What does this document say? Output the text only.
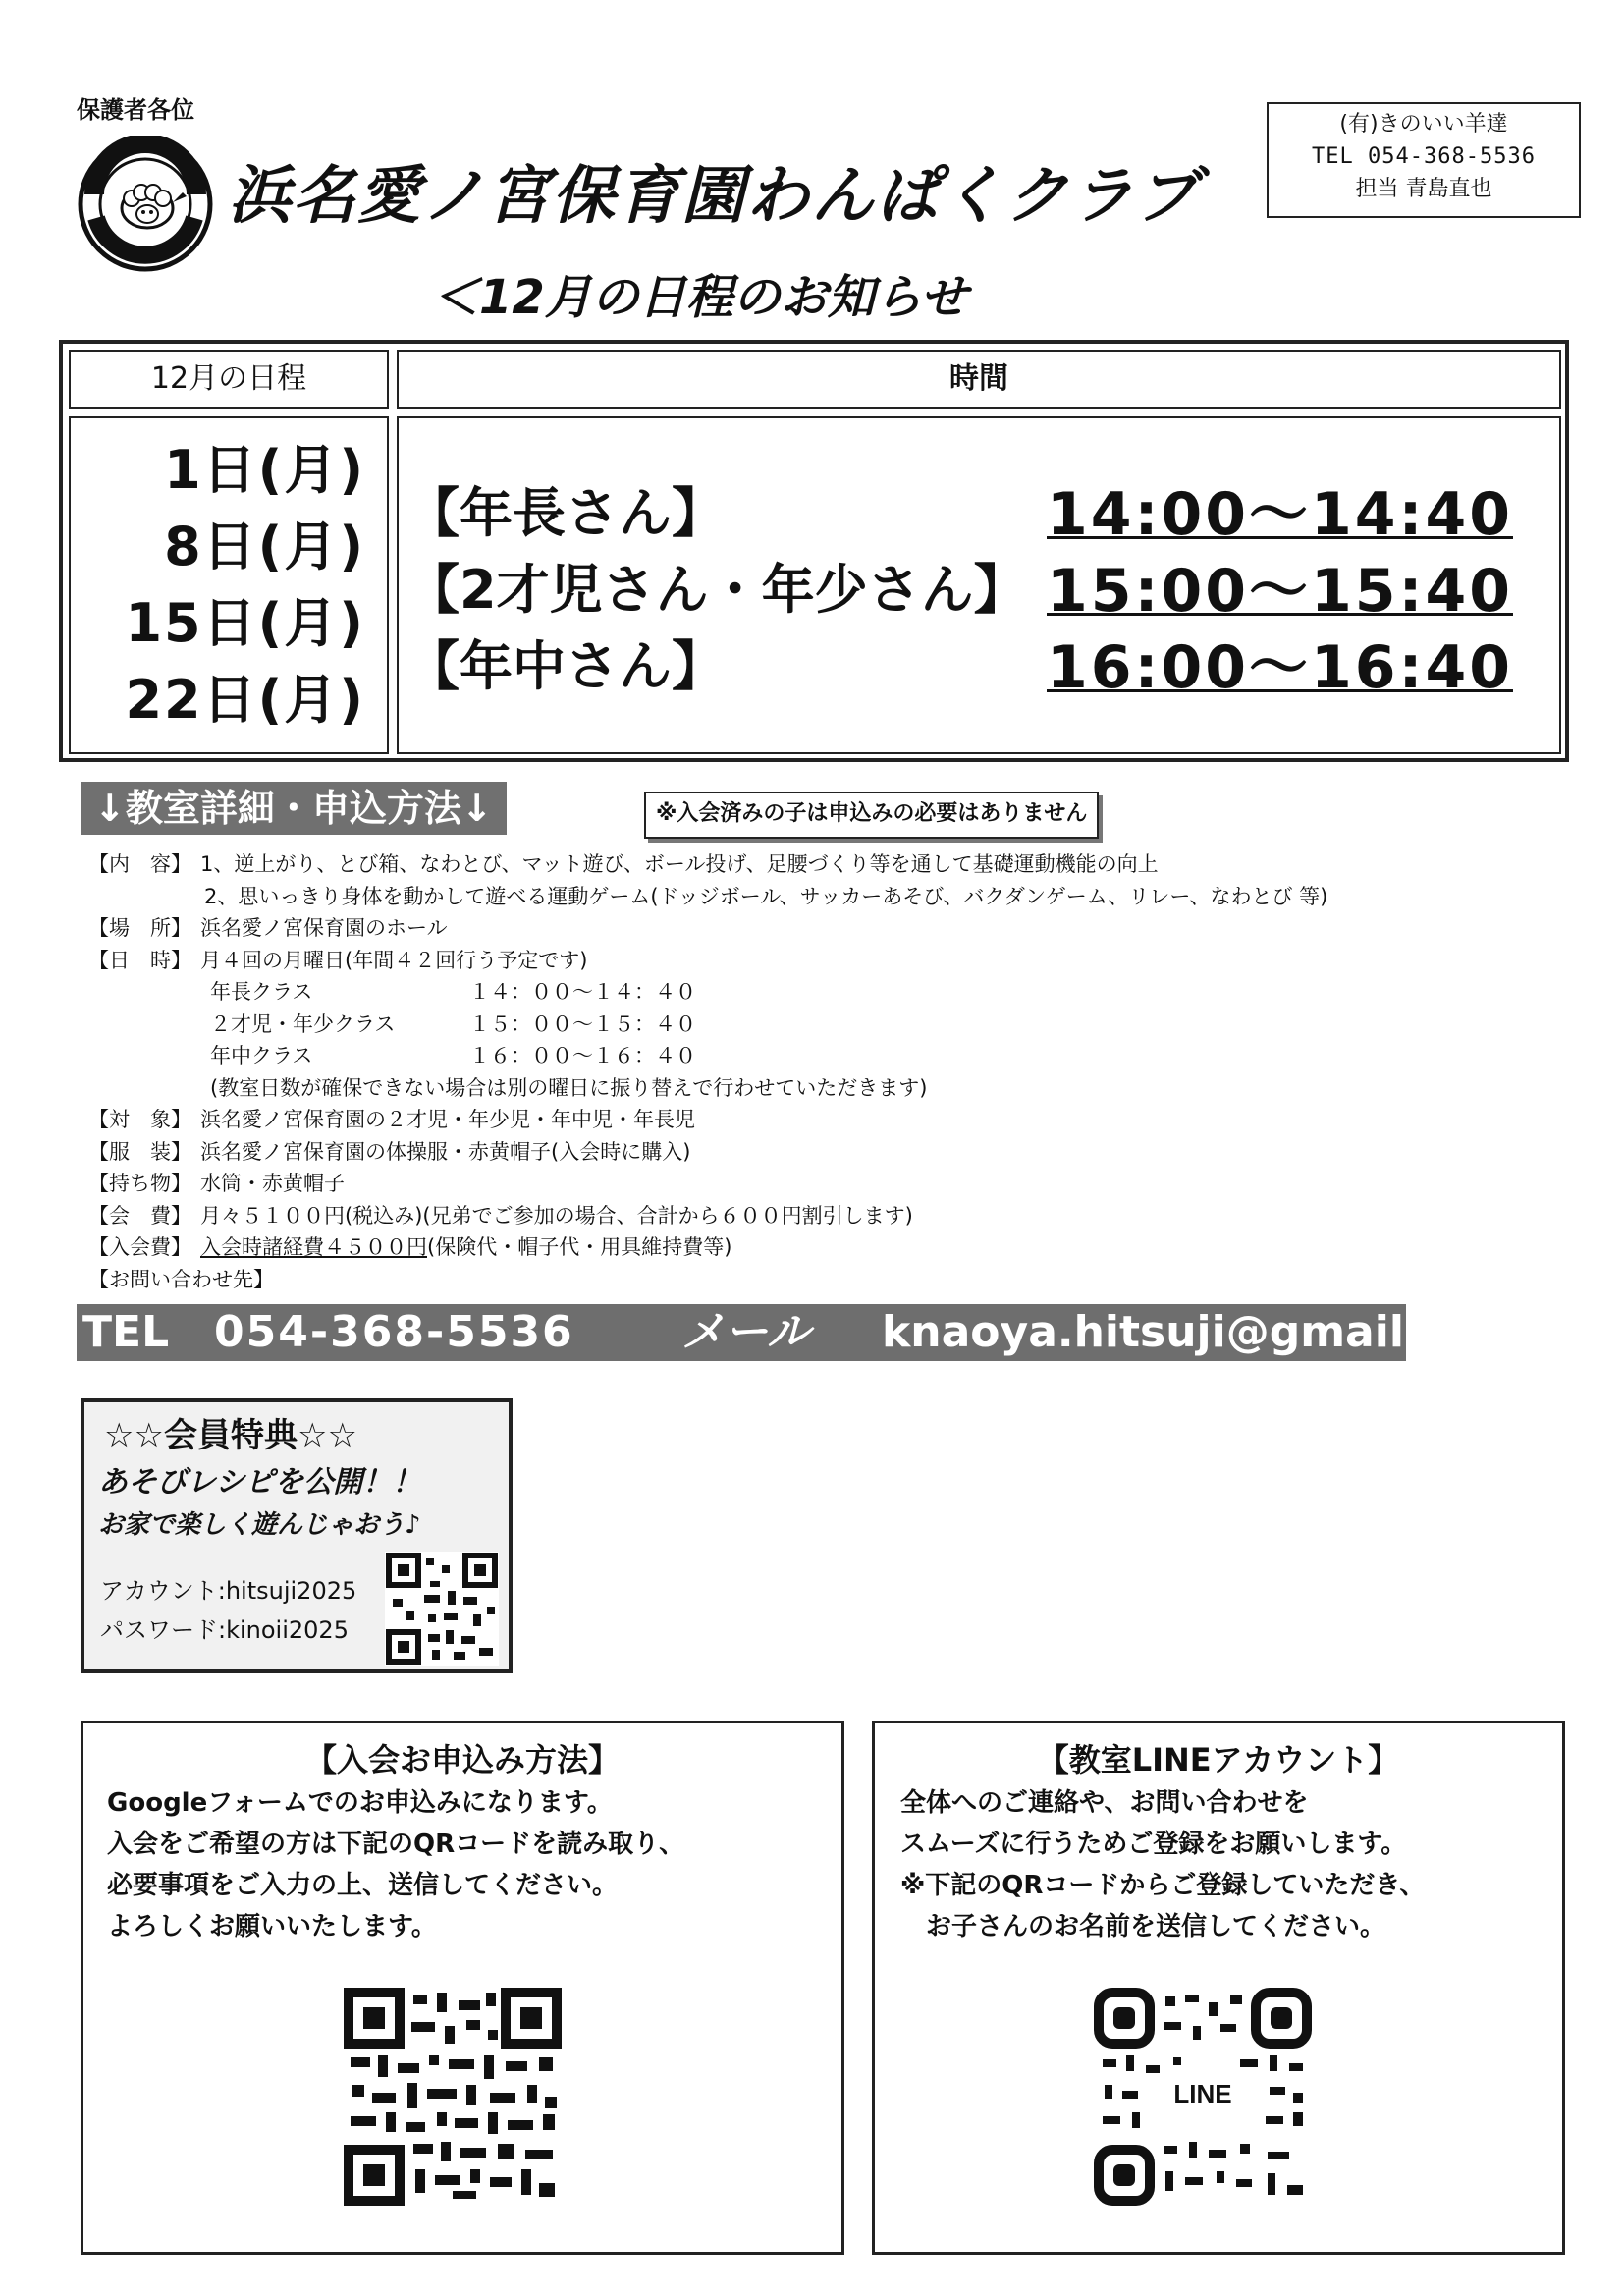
保護者各位
浜名愛ノ宮保育園わんぱくクラブ
(有)きのいい羊達
TEL 054-368-5536
担当 青島直也
＜12月の日程のお知らせ
12月の日程	時間
1日(月)
8日(月)
15日(月)
22日(月)
【年長さん】	14:00～14:40
【2才児さん・年少さん】 15:00～15:40
【年中さん】	16:00～16:40
↓教室詳細・申込方法↓	※入会済みの子は申込みの必要はありません
【内　容】 1、逆上がり、とび箱、なわとび、マット遊び、ボール投げ、足腰づくり等を通して基礎運動機能の向上
2、思いっきり身体を動かして遊べる運動ゲーム(ドッジボール、サッカーあそび、バクダンゲーム、リレー、なわとび 等)
【場　所】 浜名愛ノ宮保育園のホール
【日　時】 月４回の月曜日(年間４２回行う予定です)
年長クラス	１４：００～１４：４０
２才児・年少クラス	１５：００～１５：４０
年中クラス	１６：００～１６：４０
(教室日数が確保できない場合は別の曜日に振り替えで行わせていただきます)
【対　象】 浜名愛ノ宮保育園の２才児・年少児・年中児・年長児
【服　装】 浜名愛ノ宮保育園の体操服・赤黄帽子(入会時に購入)
【持ち物】 水筒・赤黄帽子
【会　費】 月々５１００円(税込み)(兄弟でご参加の場合、合計から６００円割引します)
【入会費】 入会時諸経費４５００円(保険代・帽子代・用具維持費等)
【お問い合わせ先】
TEL 054-368-5536 メール knaoya.hitsuji@gmail.com
☆☆会員特典☆☆
あそびレシピを公開！！
お家で楽しく遊んじゃおう♪
アカウント:hitsuji2025
パスワード:kinoii2025
【入会お申込み方法】
Googleフォームでのお申込みになります。
入会をご希望の方は下記のQRコードを読み取り、
必要事項をご入力の上、送信してください。
よろしくお願いいたします。
【教室LINEアカウント】
全体へのご連絡や、お問い合わせを
スムーズに行うためご登録をお願いします。
※下記のQRコードからご登録していただき、
　お子さんのお名前を送信してください。
LINE
